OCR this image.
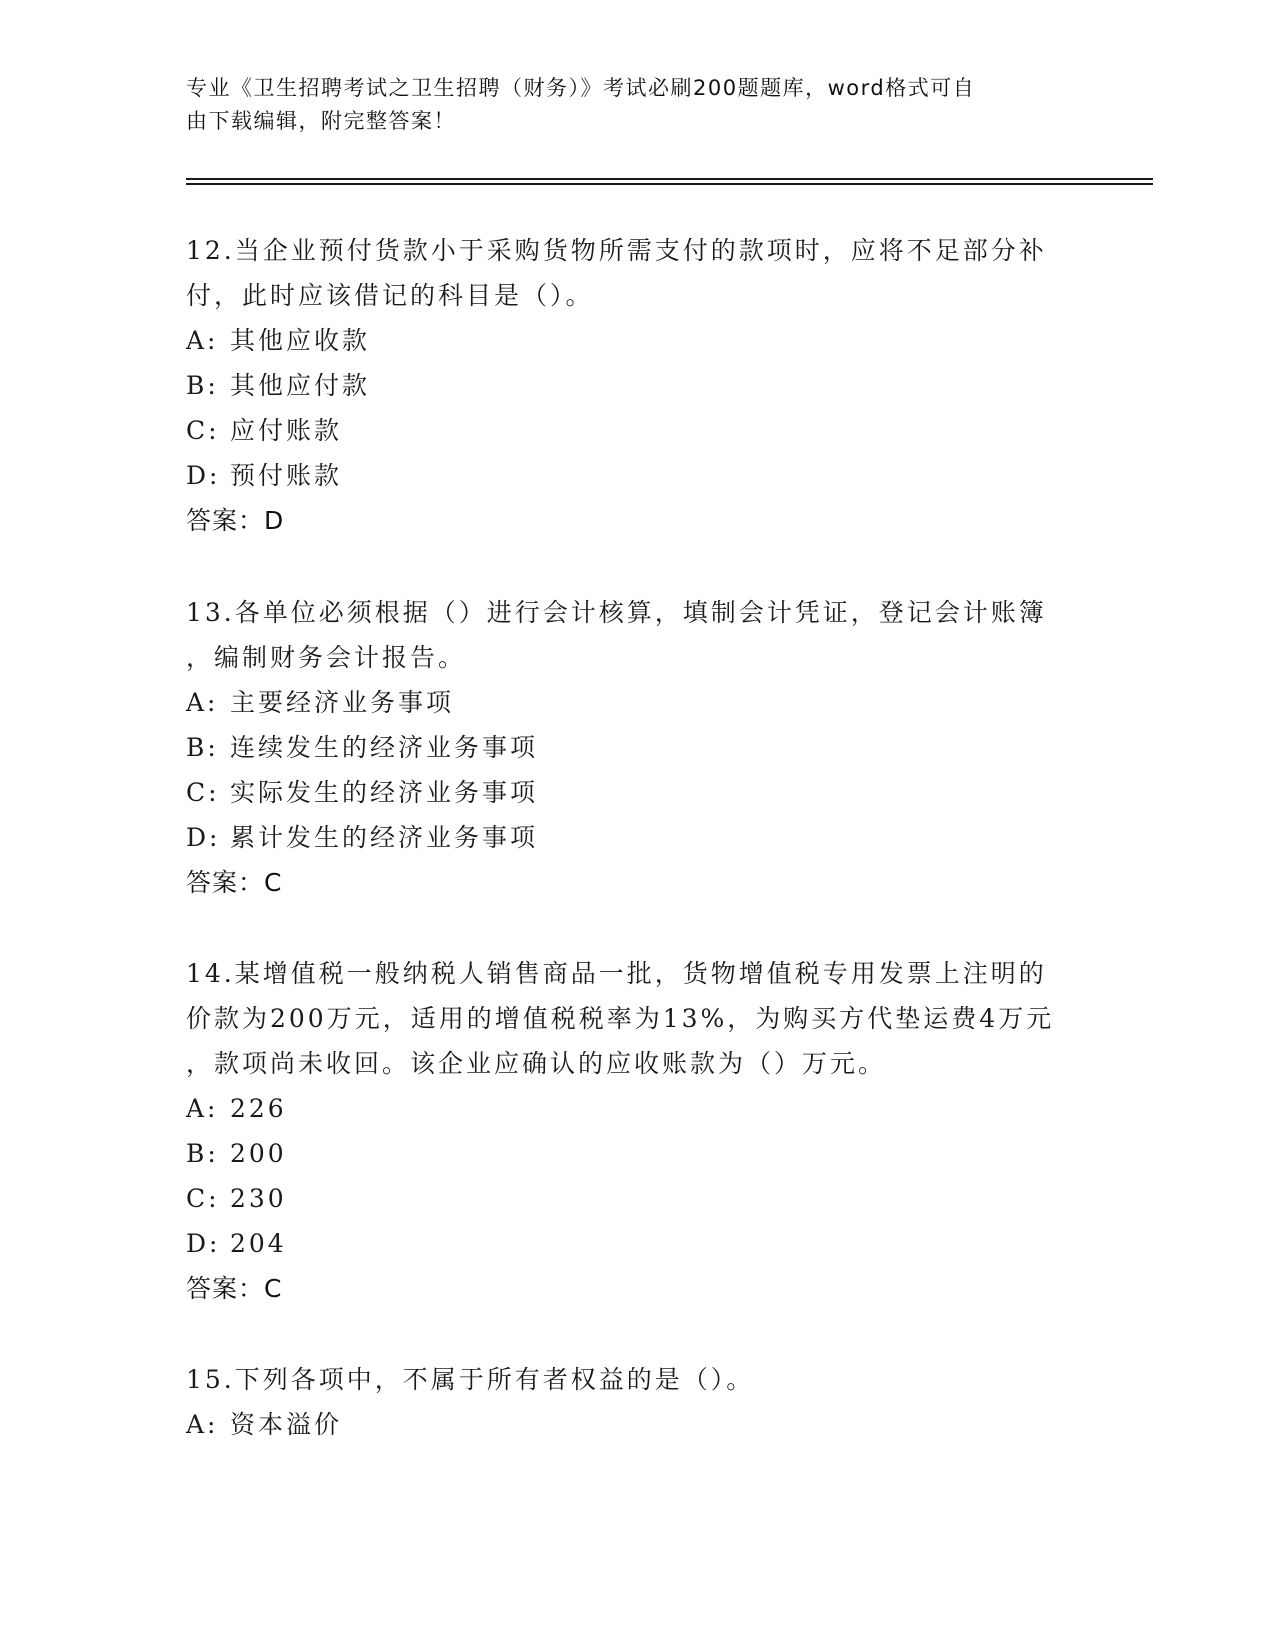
专业《卫生招聘考试之卫生招聘（财务）》考试必刷200题题库，word格式可自
由下载编辑，附完整答案！

12.当企业预付货款小于采购货物所需支付的款项时，应将不足部分补

付，此时应该借记的科目是（）。

A: 其他应收款

B: 其他应付款

C: 应付账款

D: 预付账款

答案：D

13.各单位必须根据（）进行会计核算，填制会计凭证，登记会计账簿

，编制财务会计报告。

A: 主要经济业务事项

B: 连续发生的经济业务事项

C: 实际发生的经济业务事项

D: 累计发生的经济业务事项

答案：C

14.某增值税一般纳税人销售商品一批，货物增值税专用发票上注明的

价款为200万元，适用的增值税税率为13%，为购买方代垫运费4万元

，款项尚未收回。该企业应确认的应收账款为（）万元。

A: 226

B: 200

C: 230

D: 204

答案：C

15.下列各项中，不属于所有者权益的是（）。

A: 资本溢价
